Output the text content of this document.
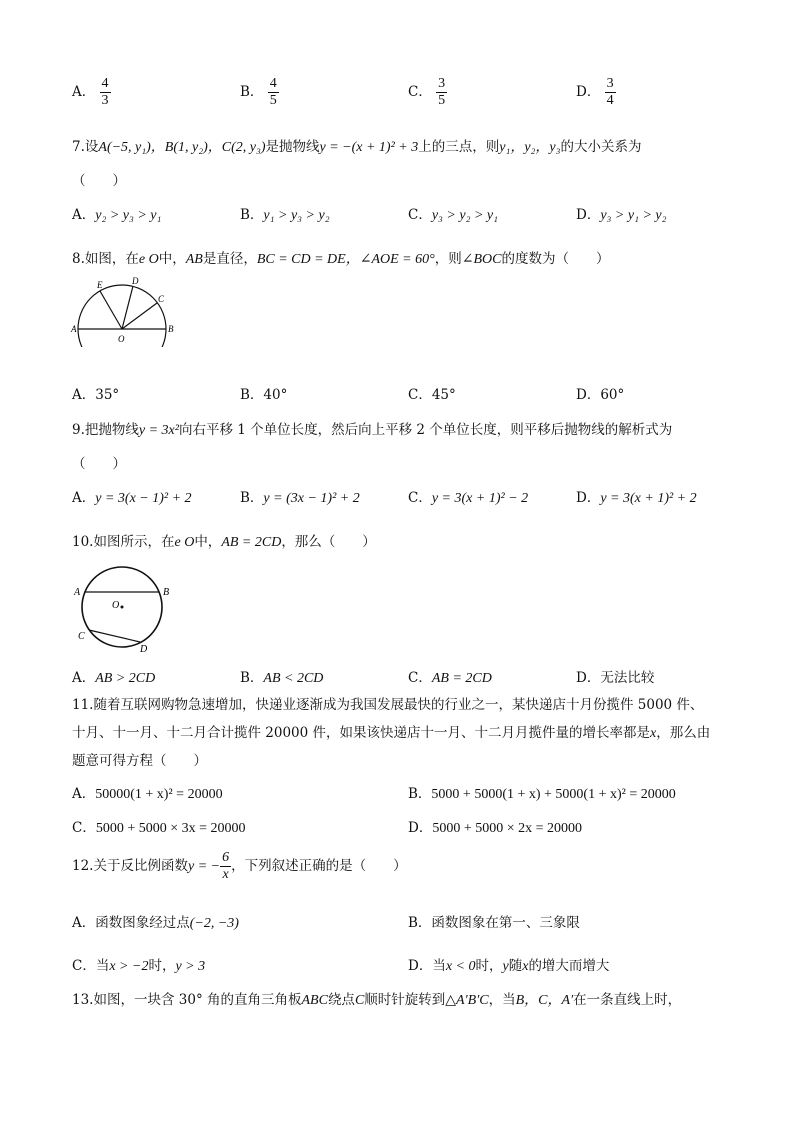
A． $\frac{4}{3}$	B． $\frac{4}{5}$	C． $\frac{3}{5}$	D． $\frac{3}{4}$
7.设A(−5, y₁)，B(1, y₂)，C(2, y₃)是抛物线y = −(x + 1)² + 3上的三点，则y₁，y₂，y₃的大小关系为
（　　）
A．y₂ > y₃ > y₁	B．y₁ > y₃ > y₂	C．y₃ > y₂ > y₁	D．y₃ > y₁ > y₂
8.如图，在e O中，AB是直径，BC = CD = DE，∠AOE = 60°，则∠BOC的度数为（　　）
E	D
C
A
O
B
A．35°	B．40°	C．45°	D．60°
9.把抛物线y = 3x²向右平移 1 个单位长度，然后向上平移 2 个单位长度，则平移后抛物线的解析式为
（　　）
A．y = 3(x − 1)² + 2	B．y = (3x − 1)² + 2	C．y = 3(x + 1)² − 2	D．y = 3(x + 1)² + 2
10.如图所示，在e O中，AB = 2CD，那么（　　）
A	B
O
C
D
A．AB > 2CD	B．AB < 2CD	C．AB = 2CD	D．无法比较
11.随着互联网购物急速增加，快递业逐渐成为我国发展最快的行业之一，某快递店十月份揽件 5000 件、
十月、十一月、十二月合计揽件 20000 件，如果该快递店十一月、十二月月揽件量的增长率都是x，那么由
题意可得方程（　　）
A．50000(1 + x)² = 20000	B．5000 + 5000(1 + x) + 5000(1 + x)² = 20000
C．5000 + 5000 × 3x = 20000	D．5000 + 5000 × 2x = 20000
12.关于反比例函数y = − $\frac{6}{x}$ ，下列叙述正确的是（　　）
A．函数图象经过点(−2, −3)	B．函数图象在第一、三象限
C．当x > −2时，y > 3	D．当x < 0时，y随x的增大而增大
13.如图，一块含 30° 角的直角三角板ABC绕点C顺时针旋转到△A′B′C，当B，C，A′在一条直线上时，
